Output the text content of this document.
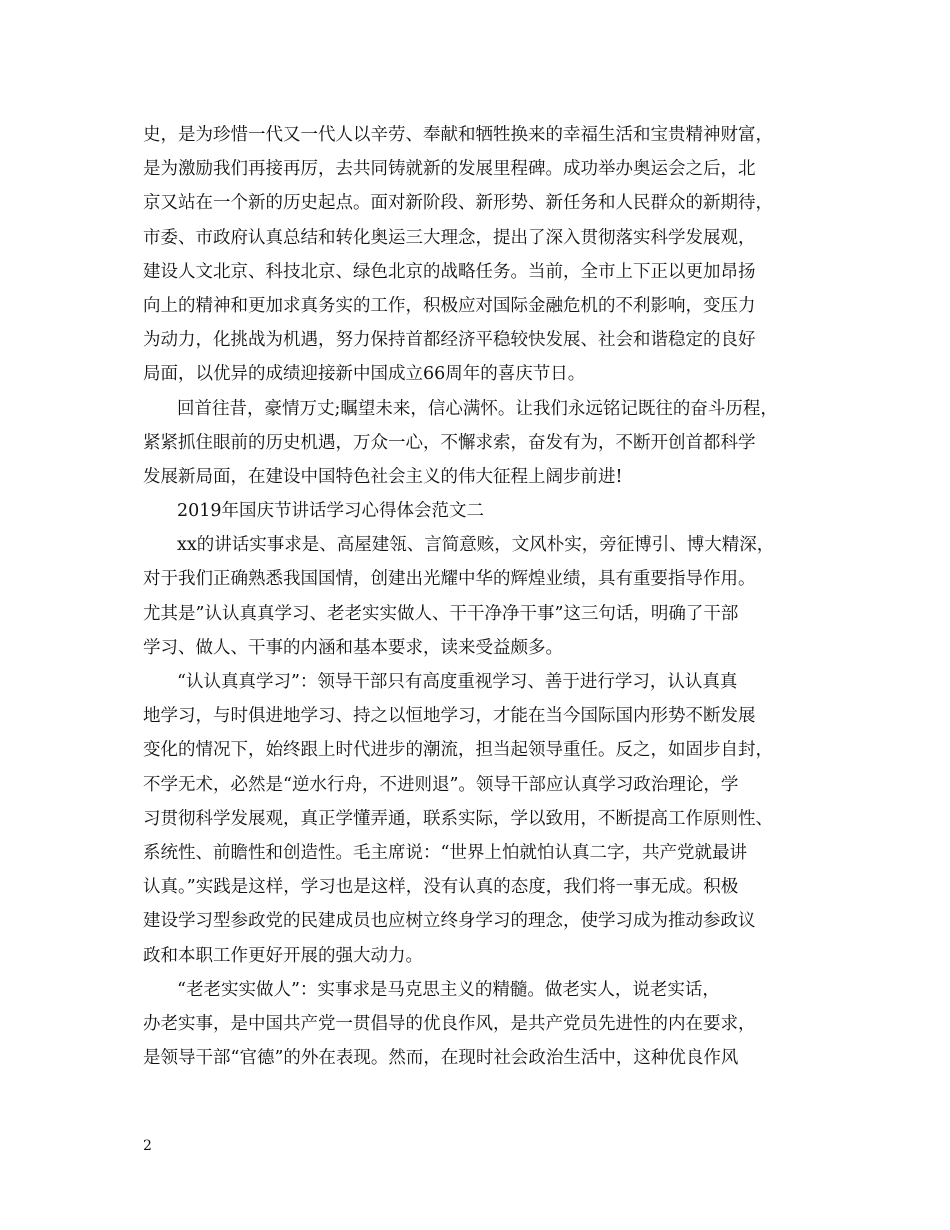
史，是为珍惜一代又一代人以辛劳、奉献和牺牲换来的幸福生活和宝贵精神财富，
是为激励我们再接再厉，去共同铸就新的发展里程碑。成功举办奥运会之后，北
京又站在一个新的历史起点。面对新阶段、新形势、新任务和人民群众的新期待，
市委、市政府认真总结和转化奥运三大理念，提出了深入贯彻落实科学发展观，
建设人文北京、科技北京、绿色北京的战略任务。当前，全市上下正以更加昂扬
向上的精神和更加求真务实的工作，积极应对国际金融危机的不利影响，变压力
为动力，化挑战为机遇，努力保持首都经济平稳较快发展、社会和谐稳定的良好
局面，以优异的成绩迎接新中国成立66周年的喜庆节日。
回首往昔，豪情万丈;瞩望未来，信心满怀。让我们永远铭记既往的奋斗历程，
紧紧抓住眼前的历史机遇，万众一心，不懈求索，奋发有为，不断开创首都科学
发展新局面，在建设中国特色社会主义的伟大征程上阔步前进!
2019年国庆节讲话学习心得体会范文二
xx的讲话实事求是、高屋建瓴、言简意赅，文风朴实，旁征博引、博大精深，
对于我们正确熟悉我国国情，创建出光耀中华的辉煌业绩，具有重要指导作用。
尤其是”认认真真学习、老老实实做人、干干净净干事”这三句话，明确了干部
学习、做人、干事的内涵和基本要求，读来受益颇多。
“认认真真学习”：领导干部只有高度重视学习、善于进行学习，认认真真
地学习，与时俱进地学习、持之以恒地学习，才能在当今国际国内形势不断发展
变化的情况下，始终跟上时代进步的潮流，担当起领导重任。反之，如固步自封，
不学无术，必然是“逆水行舟，不进则退”。领导干部应认真学习政治理论，学
习贯彻科学发展观，真正学懂弄通，联系实际，学以致用，不断提高工作原则性、
系统性、前瞻性和创造性。毛主席说：“世界上怕就怕认真二字，共产党就最讲
认真。”实践是这样，学习也是这样，没有认真的态度，我们将一事无成。积极
建设学习型参政党的民建成员也应树立终身学习的理念，使学习成为推动参政议
政和本职工作更好开展的强大动力。
“老老实实做人”：实事求是马克思主义的精髓。做老实人，说老实话，
办老实事，是中国共产党一贯倡导的优良作风，是共产党员先进性的内在要求，
是领导干部“官德”的外在表现。然而，在现时社会政治生活中，这种优良作风
2
